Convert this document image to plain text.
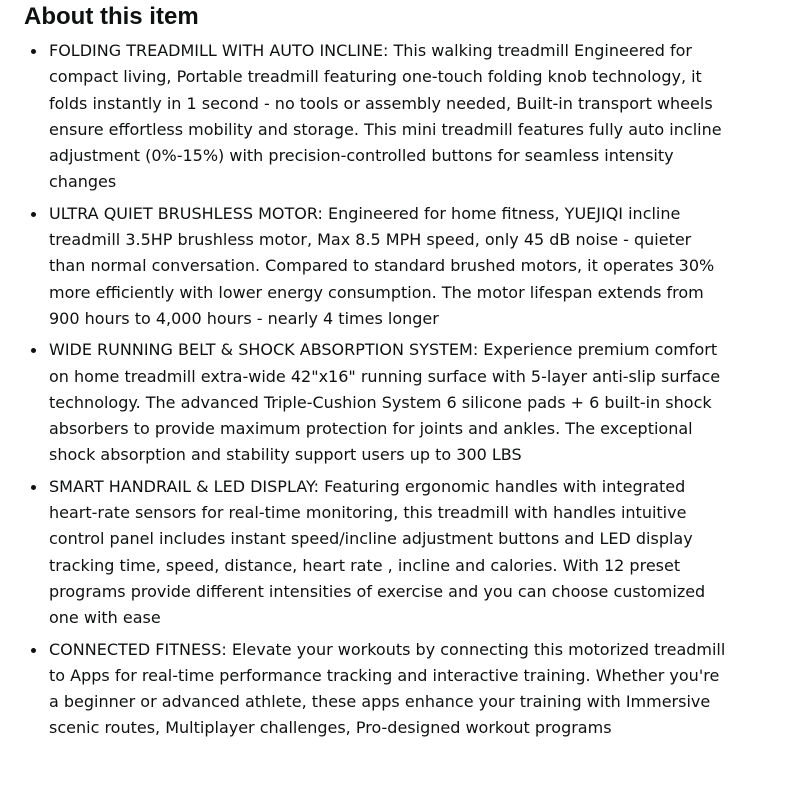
About this item
FOLDING TREADMILL WITH AUTO INCLINE: This walking treadmill Engineered for compact living, Portable treadmill featuring one-touch folding knob technology, it folds instantly in 1 second - no tools or assembly needed, Built-in transport wheels ensure effortless mobility and storage. This mini treadmill features fully auto incline adjustment (0%-15%) with precision-controlled buttons for seamless intensity changes
ULTRA QUIET BRUSHLESS MOTOR: Engineered for home fitness, YUEJIQI incline treadmill 3.5HP brushless motor, Max 8.5 MPH speed, only 45 dB noise - quieter than normal conversation. Compared to standard brushed motors, it operates 30% more efficiently with lower energy consumption. The motor lifespan extends from 900 hours to 4,000 hours - nearly 4 times longer
WIDE RUNNING BELT & SHOCK ABSORPTION SYSTEM: Experience premium comfort on home treadmill extra-wide 42"x16" running surface with 5-layer anti-slip surface technology. The advanced Triple-Cushion System 6 silicone pads + 6 built-in shock absorbers to provide maximum protection for joints and ankles. The exceptional shock absorption and stability support users up to 300 LBS
SMART HANDRAIL & LED DISPLAY: Featuring ergonomic handles with integrated heart-rate sensors for real-time monitoring, this treadmill with handles intuitive control panel includes instant speed/incline adjustment buttons and LED display tracking time, speed, distance, heart rate , incline and calories. With 12 preset programs provide different intensities of exercise and you can choose customized one with ease
CONNECTED FITNESS: Elevate your workouts by connecting this motorized treadmill to Apps for real-time performance tracking and interactive training. Whether you're a beginner or advanced athlete, these apps enhance your training with Immersive scenic routes, Multiplayer challenges, Pro-designed workout programs
